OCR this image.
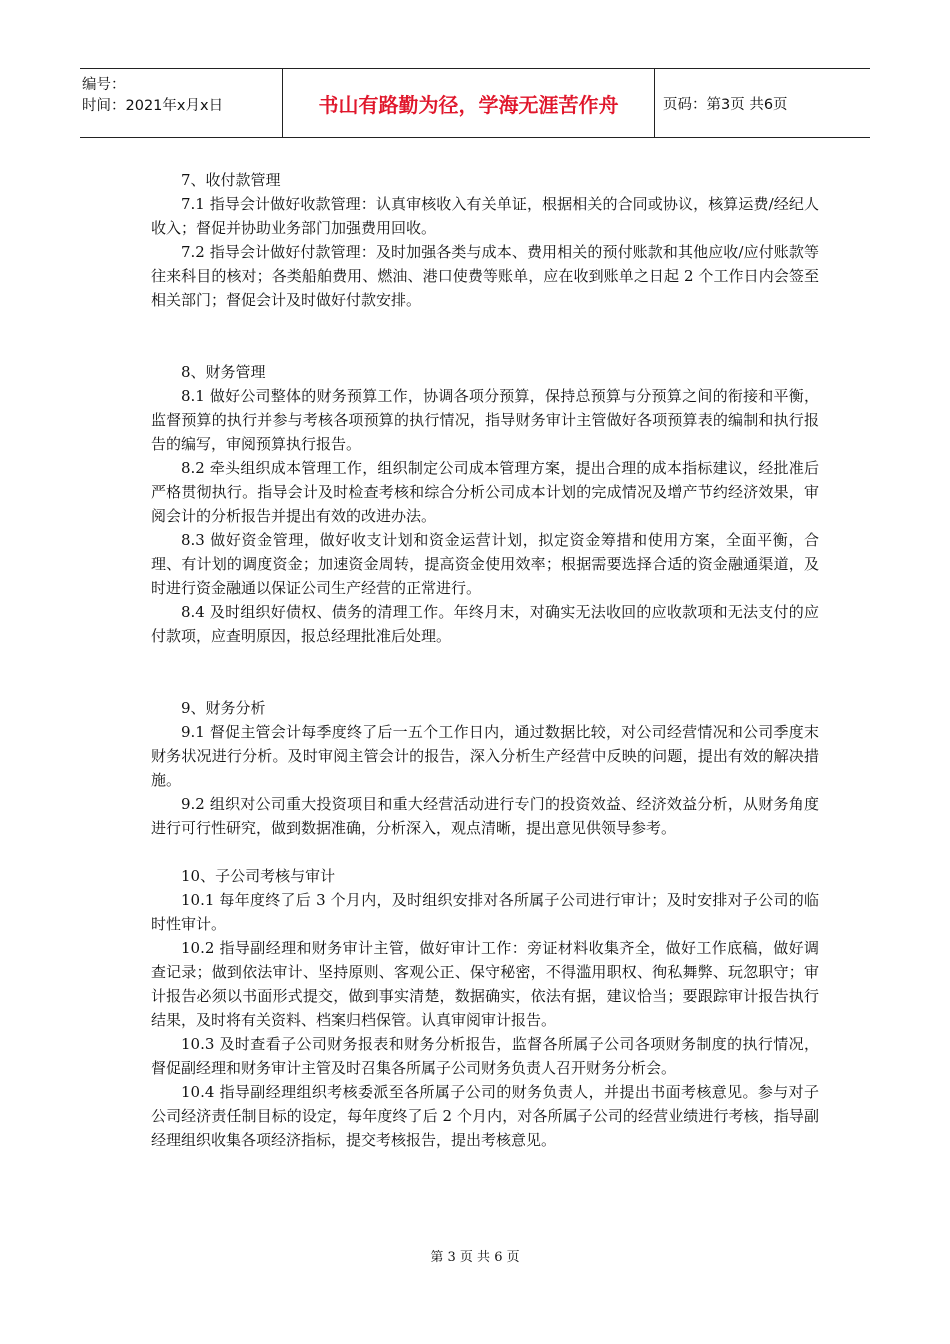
编号：
时间：2021年x月x日	书山有路勤为径，学海无涯苦作舟	页码：第3页 共6页

7、收付款管理

7.1 指导会计做好收款管理：认真审核收入有关单证，根据相关的合同或协议，核算运费/经纪人收入；督促并协助业务部门加强费用回收。

7.2 指导会计做好付款管理：及时加强各类与成本、费用相关的预付账款和其他应收/应付账款等往来科目的核对；各类船舶费用、燃油、港口使费等账单，应在收到账单之日起 2 个工作日内会签至相关部门；督促会计及时做好付款安排。

8、财务管理

8.1 做好公司整体的财务预算工作，协调各项分预算，保持总预算与分预算之间的衔接和平衡，监督预算的执行并参与考核各项预算的执行情况，指导财务审计主管做好各项预算表的编制和执行报告的编写，审阅预算执行报告。

8.2 牵头组织成本管理工作，组织制定公司成本管理方案，提出合理的成本指标建议，经批准后严格贯彻执行。指导会计及时检查考核和综合分析公司成本计划的完成情况及增产节约经济效果，审阅会计的分析报告并提出有效的改进办法。

8.3 做好资金管理，做好收支计划和资金运营计划，拟定资金筹措和使用方案，全面平衡，合理、有计划的调度资金；加速资金周转，提高资金使用效率；根据需要选择合适的资金融通渠道，及时进行资金融通以保证公司生产经营的正常进行。

8.4 及时组织好债权、债务的清理工作。年终月末，对确实无法收回的应收款项和无法支付的应付款项，应查明原因，报总经理批准后处理。

9、财务分析

9.1 督促主管会计每季度终了后一五个工作日内，通过数据比较，对公司经营情况和公司季度末财务状况进行分析。及时审阅主管会计的报告，深入分析生产经营中反映的问题，提出有效的解决措施。

9.2 组织对公司重大投资项目和重大经营活动进行专门的投资效益、经济效益分析，从财务角度进行可行性研究，做到数据准确，分析深入，观点清晰，提出意见供领导参考。

10、子公司考核与审计

10.1 每年度终了后 3 个月内，及时组织安排对各所属子公司进行审计；及时安排对子公司的临时性审计。

10.2 指导副经理和财务审计主管，做好审计工作：旁证材料收集齐全，做好工作底稿，做好调查记录；做到依法审计、坚持原则、客观公正、保守秘密，不得滥用职权、徇私舞弊、玩忽职守；审计报告必须以书面形式提交，做到事实清楚，数据确实，依法有据，建议恰当；要跟踪审计报告执行结果，及时将有关资料、档案归档保管。认真审阅审计报告。

10.3 及时查看子公司财务报表和财务分析报告，监督各所属子公司各项财务制度的执行情况，督促副经理和财务审计主管及时召集各所属子公司财务负责人召开财务分析会。

10.4 指导副经理组织考核委派至各所属子公司的财务负责人，并提出书面考核意见。参与对子公司经济责任制目标的设定，每年度终了后 2 个月内，对各所属子公司的经营业绩进行考核，指导副经理组织收集各项经济指标，提交考核报告，提出考核意见。

第 3 页 共 6 页
